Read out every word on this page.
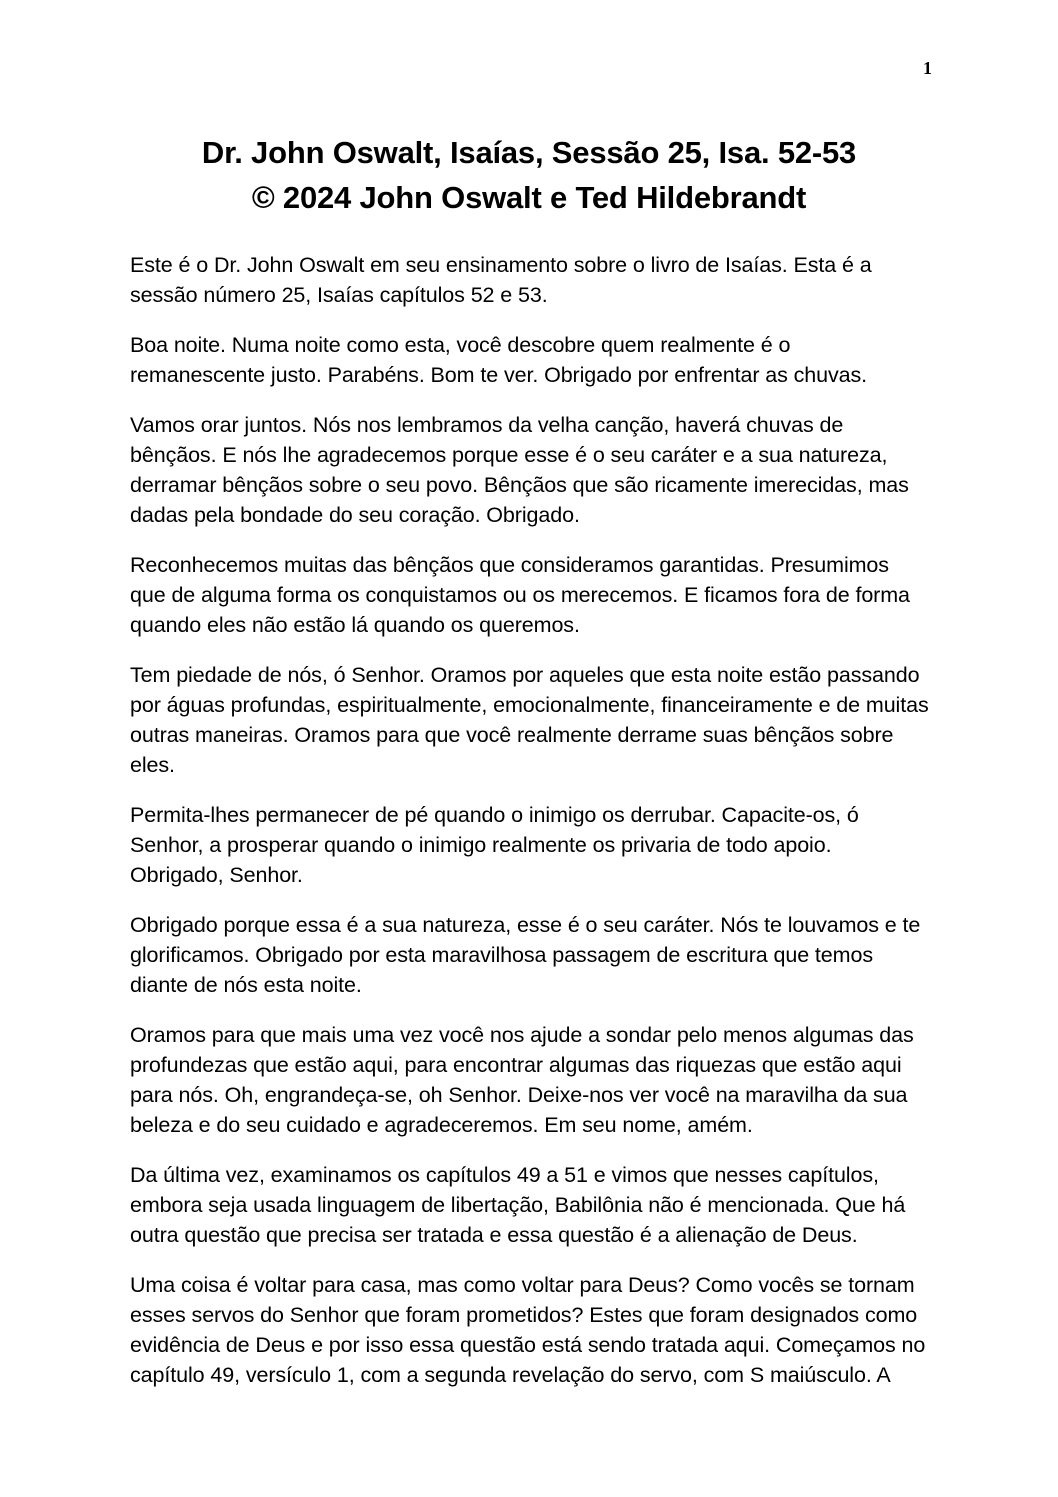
1
Dr. John Oswalt, Isaías, Sessão 25, Isa. 52-53
© 2024 John Oswalt e Ted Hildebrandt

Este é o Dr. John Oswalt em seu ensinamento sobre o livro de Isaías. Esta é a sessão número 25, Isaías capítulos 52 e 53.

Boa noite. Numa noite como esta, você descobre quem realmente é o remanescente justo. Parabéns. Bom te ver. Obrigado por enfrentar as chuvas.

Vamos orar juntos. Nós nos lembramos da velha canção, haverá chuvas de bênçãos. E nós lhe agradecemos porque esse é o seu caráter e a sua natureza, derramar bênçãos sobre o seu povo. Bênçãos que são ricamente imerecidas, mas dadas pela bondade do seu coração. Obrigado.

Reconhecemos muitas das bênçãos que consideramos garantidas. Presumimos que de alguma forma os conquistamos ou os merecemos. E ficamos fora de forma quando eles não estão lá quando os queremos.

Tem piedade de nós, ó Senhor. Oramos por aqueles que esta noite estão passando por águas profundas, espiritualmente, emocionalmente, financeiramente e de muitas outras maneiras. Oramos para que você realmente derrame suas bênçãos sobre eles.

Permita-lhes permanecer de pé quando o inimigo os derrubar. Capacite-os, ó Senhor, a prosperar quando o inimigo realmente os privaria de todo apoio. Obrigado, Senhor.

Obrigado porque essa é a sua natureza, esse é o seu caráter. Nós te louvamos e te glorificamos. Obrigado por esta maravilhosa passagem de escritura que temos diante de nós esta noite.

Oramos para que mais uma vez você nos ajude a sondar pelo menos algumas das profundezas que estão aqui, para encontrar algumas das riquezas que estão aqui para nós. Oh, engrandeça-se, oh Senhor. Deixe-nos ver você na maravilha da sua beleza e do seu cuidado e agradeceremos. Em seu nome, amém.

Da última vez, examinamos os capítulos 49 a 51 e vimos que nesses capítulos, embora seja usada linguagem de libertação, Babilônia não é mencionada. Que há outra questão que precisa ser tratada e essa questão é a alienação de Deus.

Uma coisa é voltar para casa, mas como voltar para Deus? Como vocês se tornam esses servos do Senhor que foram prometidos? Estes que foram designados como evidência de Deus e por isso essa questão está sendo tratada aqui. Começamos no capítulo 49, versículo 1, com a segunda revelação do servo, com S maiúsculo. A
